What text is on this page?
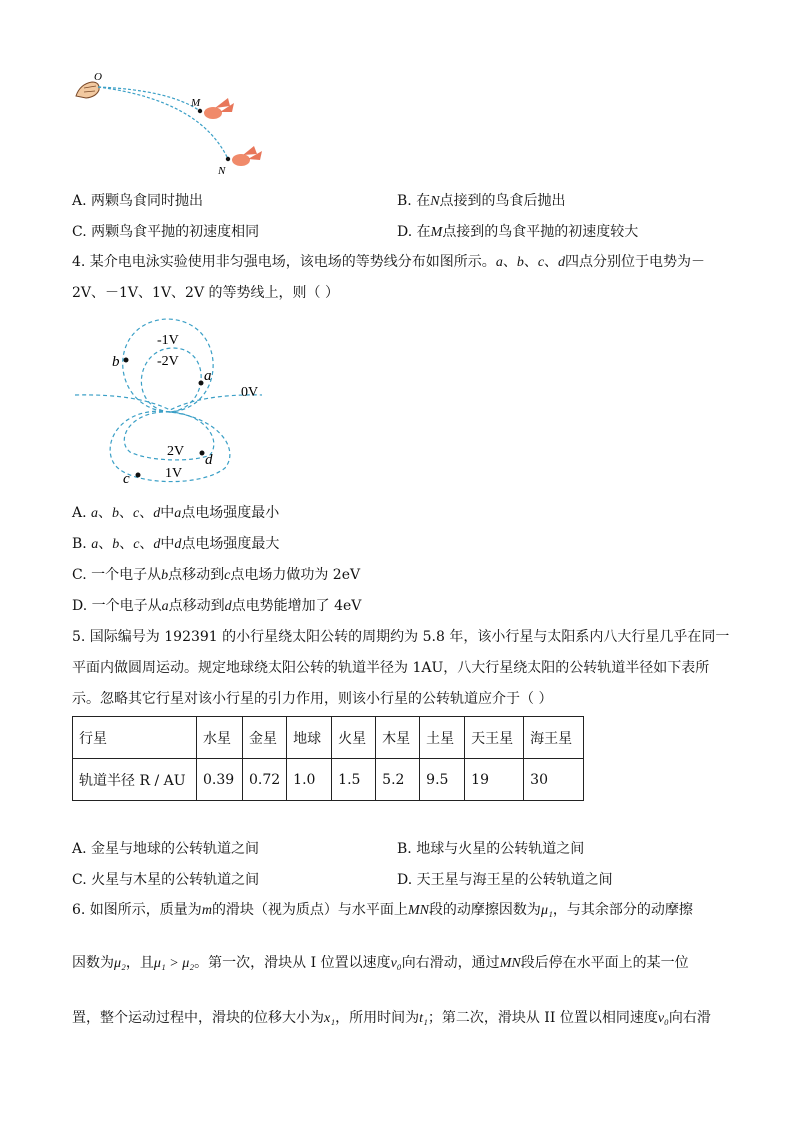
O
M
N
-1V
-2V
0V
2V
1V
b
a
d
c
行星	水星	金星	地球	火星	木星	土星	天王星	海王星
轨道半径 R / AU	0.39	0.72	1.0	1.5	5.2	9.5	19	30
A. 两颗鸟食同时抛出	B. 在N点接到的鸟食后抛出
C. 两颗鸟食平抛的初速度相同	D. 在M点接到的鸟食平抛的初速度较大
4. 某介电电泳实验使用非匀强电场，该电场的等势线分布如图所示。a、b、c、d四点分别位于电势为－
2V、－1V、1V、2V 的等势线上，则（ ）
A. a、b、c、d中a点电场强度最小
B. a、b、c、d中d点电场强度最大
C. 一个电子从b点移动到c点电场力做功为 2eV
D. 一个电子从a点移动到d点电势能增加了 4eV
5. 国际编号为 192391 的小行星绕太阳公转的周期约为 5.8 年，该小行星与太阳系内八大行星几乎在同一
平面内做圆周运动。规定地球绕太阳公转的轨道半径为 1AU，八大行星绕太阳的公转轨道半径如下表所
示。忽略其它行星对该小行星的引力作用，则该小行星的公转轨道应介于（ ）
A. 金星与地球的公转轨道之间	B. 地球与火星的公转轨道之间
C. 火星与木星的公转轨道之间	D. 天王星与海王星的公转轨道之间
6. 如图所示，质量为m的滑块（视为质点）与水平面上MN段的动摩擦因数为μ₁，与其余部分的动摩擦
因数为μ₂，且μ₁ > μ₂。第一次，滑块从 I 位置以速度v₀向右滑动，通过MN段后停在水平面上的某一位
置，整个运动过程中，滑块的位移大小为x₁，所用时间为t₁；第二次，滑块从 II 位置以相同速度v₀向右滑
